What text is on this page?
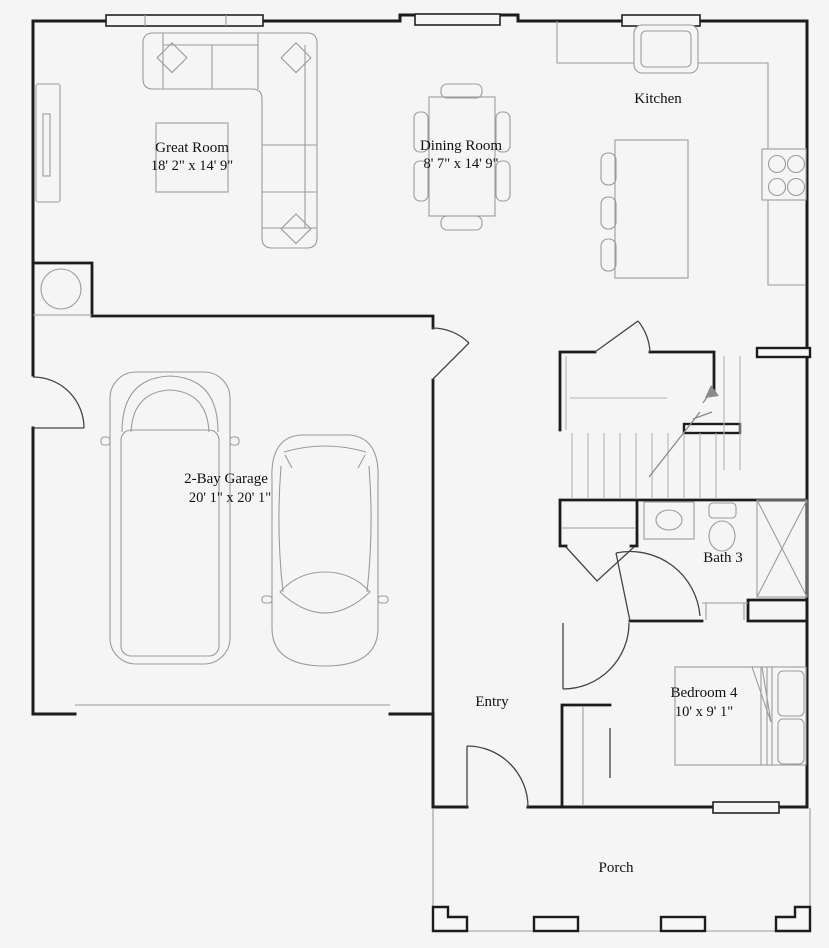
Great Room
18' 2" x 14' 9"
Dining Room
8' 7" x 14' 9"
Kitchen
2-Bay Garage
20' 1" x 20' 1"
Bath 3
Bedroom 4
10' x 9' 1"
Entry
Porch
